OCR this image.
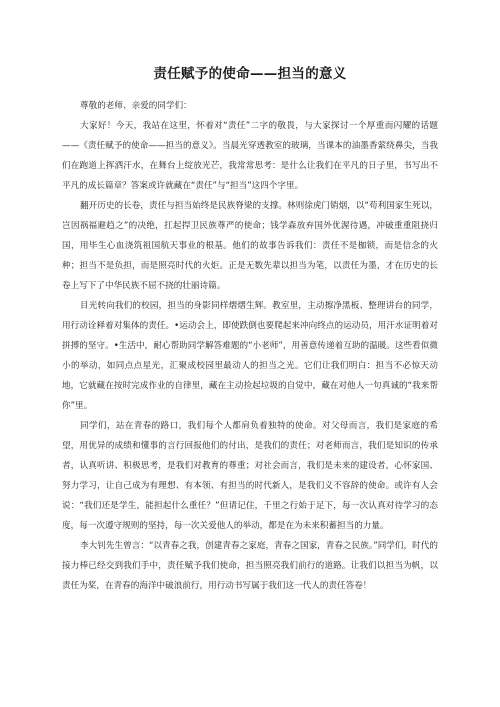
责任赋予的使命——担当的意义

尊敬的老师、亲爱的同学们：

大家好！今天，我站在这里，怀着对“责任”二字的敬畏，与大家探讨一个厚重而闪耀的话题——《责任赋予的使命——担当的意义》。当晨光穿透教室的玻璃，当课本的油墨香萦绕鼻尖，当我们在跑道上挥洒汗水，在舞台上绽放光芒，我常常思考：是什么让我们在平凡的日子里，书写出不平凡的成长篇章？答案或许就藏在“责任”与“担当”这四个字里。

翻开历史的长卷，责任与担当始终是民族脊梁的支撑。林则徐虎门销烟，以“苟利国家生死以，岂因祸福避趋之”的决绝，扛起捍卫民族尊严的使命；钱学森放弃国外优渥待遇，冲破重重阻挠归国，用毕生心血浇筑祖国航天事业的根基。他们的故事告诉我们：责任不是枷锁，而是信念的火种；担当不是负担，而是照亮时代的火炬。正是无数先辈以担当为笔，以责任为墨，才在历史的长卷上写下了中华民族不屈不挠的壮丽诗篇。

目光转向我们的校园，担当的身影同样熠熠生辉。教室里，主动擦净黑板、整理讲台的同学，用行动诠释着对集体的责任。•运动会上，即使跌倒也要爬起来冲向终点的运动员，用汗水证明着对拼搏的坚守。•生活中，耐心帮助同学解答难题的“小老师”，用善意传递着互助的温暖。这些看似微小的举动，如同点点星光，汇聚成校园里最动人的担当之光。它们让我们明白：担当不必惊天动地，它就藏在按时完成作业的自律里，藏在主动捡起垃圾的自觉中，藏在对他人一句真诚的“我来帮你”里。

同学们，站在青春的路口，我们每个人都肩负着独特的使命。对父母而言，我们是家庭的希望，用优异的成绩和懂事的言行回报他们的付出，是我们的责任；对老师而言，我们是知识的传承者，认真听讲、积极思考，是我们对教育的尊重；对社会而言，我们是未来的建设者，心怀家国、努力学习，让自己成为有理想、有本领、有担当的时代新人，是我们义不容辞的使命。或许有人会说：“我们还是学生，能担起什么重任？”但请记住，千里之行始于足下，每一次认真对待学习的态度，每一次遵守规则的坚持，每一次关爱他人的举动，都是在为未来积蓄担当的力量。

李大钊先生曾言：“以青春之我，创建青春之家庭，青春之国家，青春之民族。”同学们，时代的接力棒已经交到我们手中，责任赋予我们使命，担当照亮我们前行的道路。让我们以担当为帆，以责任为桨，在青春的海洋中破浪前行，用行动书写属于我们这一代人的责任答卷！
